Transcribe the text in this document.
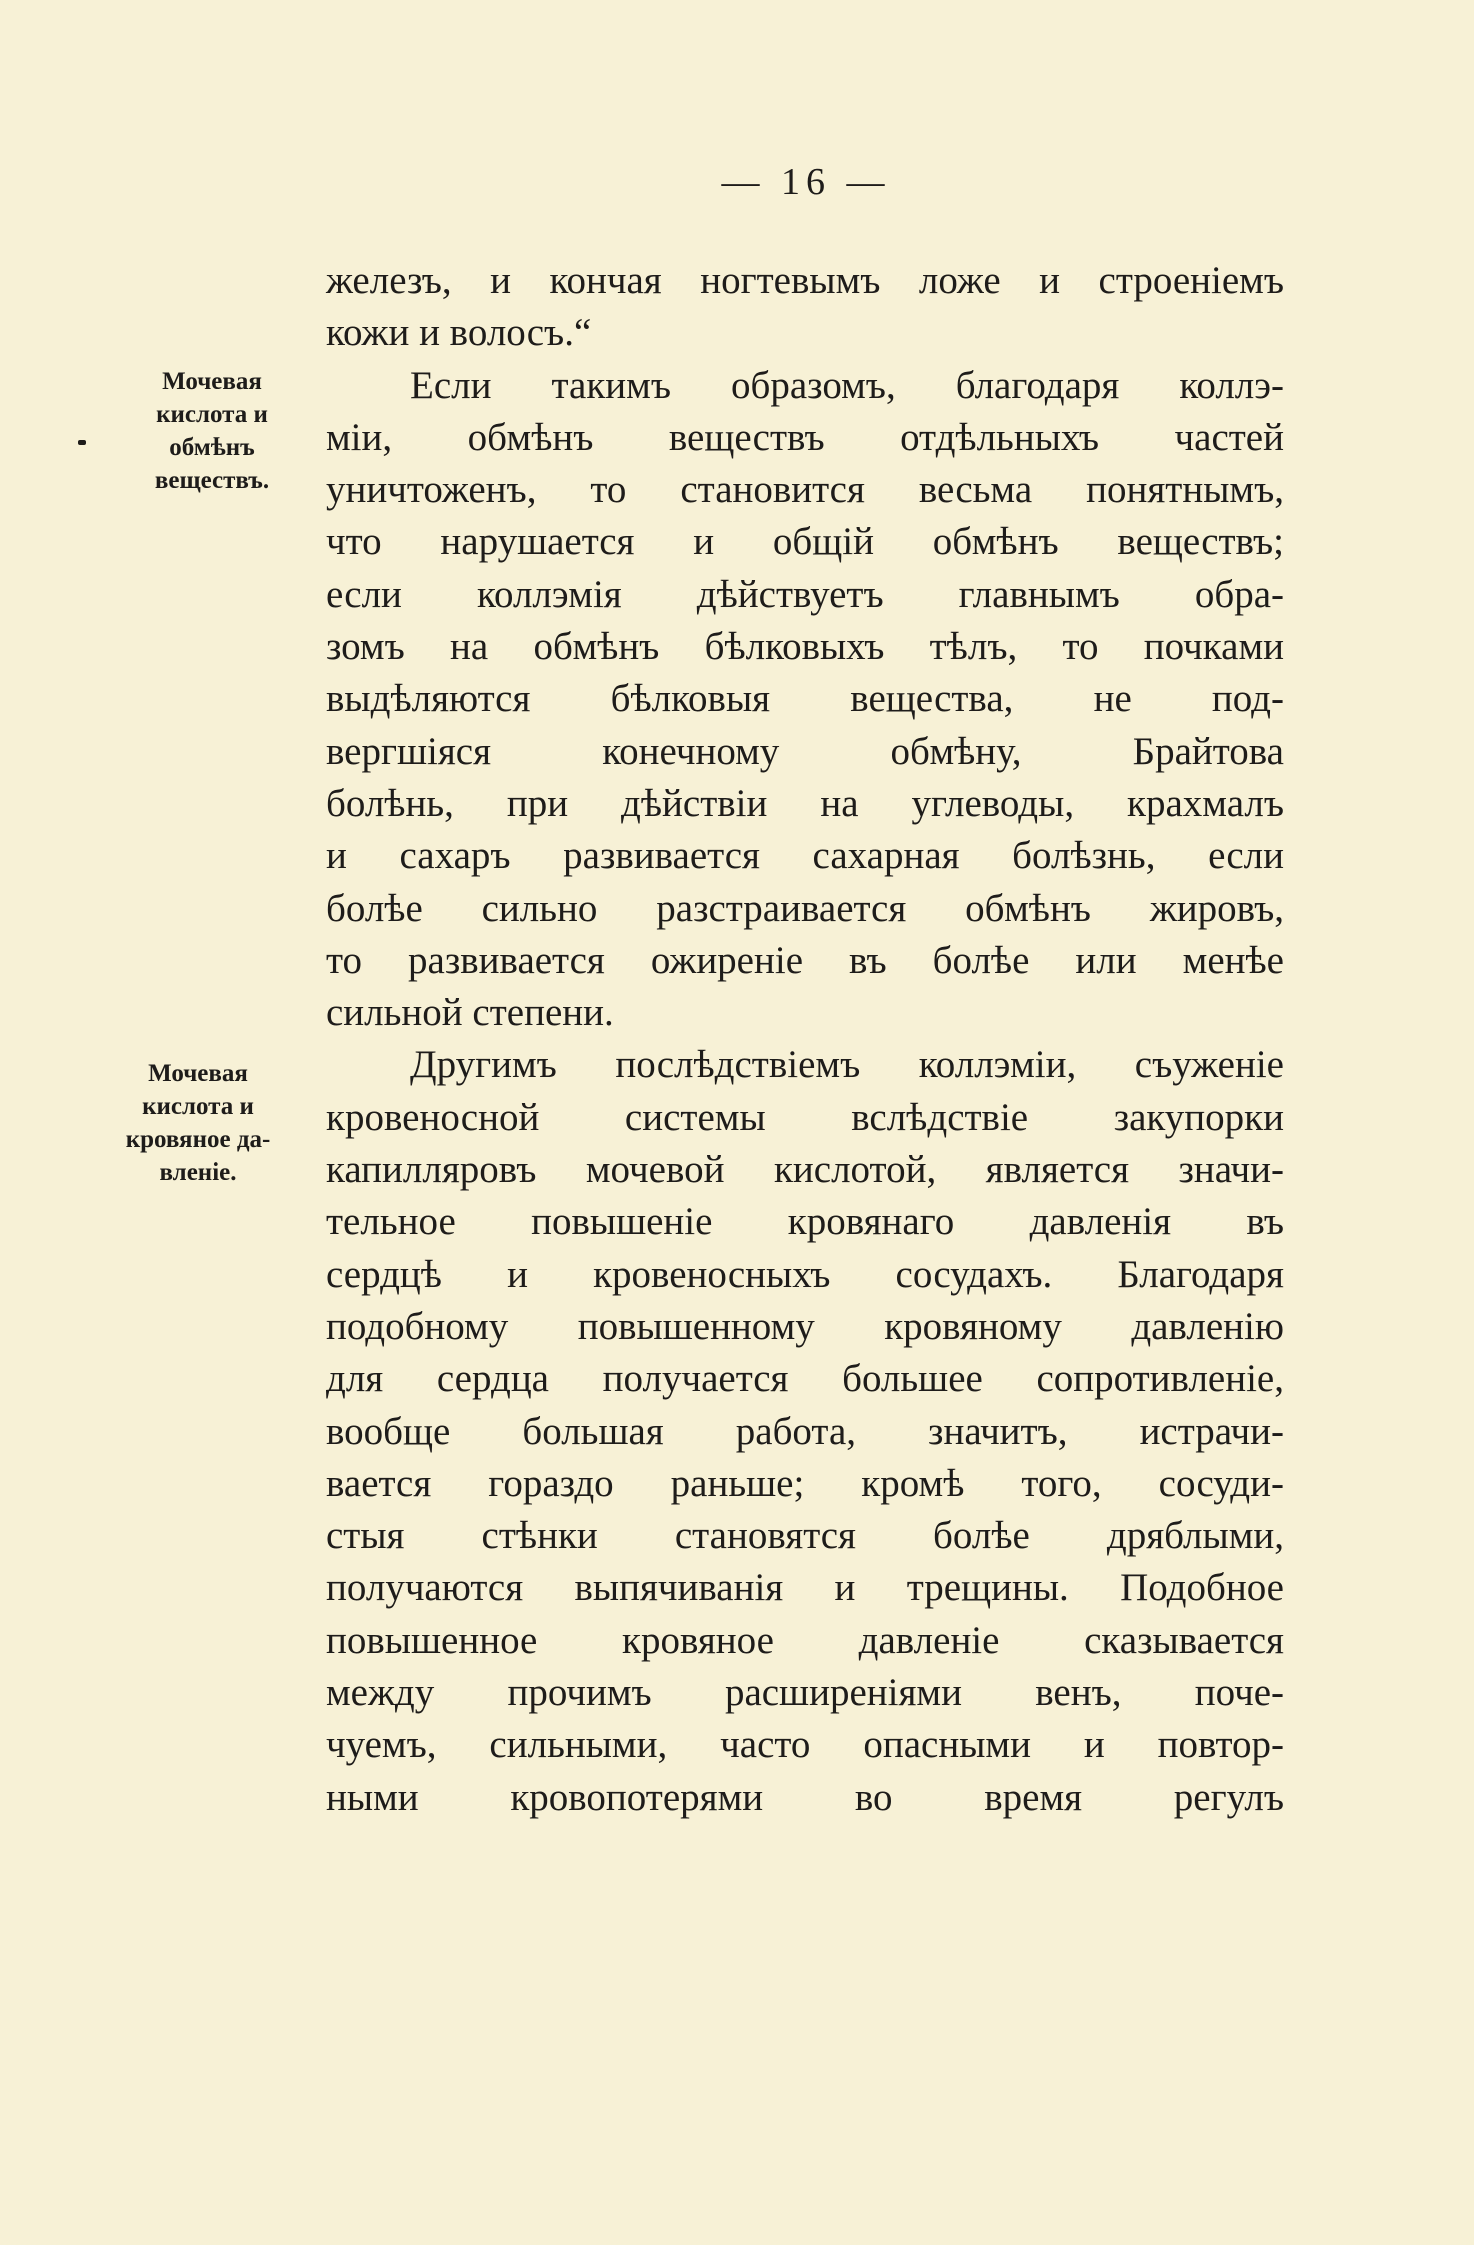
— 16 —
Мочевая
кислота и
обмѣнъ
веществъ.
Мочевая
кислота и
кровяное да-
вленіе.
железъ, и кончая ногтевымъ ложе и строеніемъ
кожи и волосъ.“
Если такимъ образомъ, благодаря коллэ-
міи, обмѣнъ веществъ отдѣльныхъ частей
уничтоженъ, то становится весьма понятнымъ,
что нарушается и общій обмѣнъ веществъ;
если коллэмія дѣйствуетъ главнымъ обра-
зомъ на обмѣнъ бѣлковыхъ тѣлъ, то почками
выдѣляются бѣлковыя вещества, не под-
вергшіяся конечному обмѣну, Брайтова
болѣнь, при дѣйствіи на углеводы, крахмалъ
и сахаръ развивается сахарная болѣзнь, если
болѣе сильно разстраивается обмѣнъ жировъ,
то развивается ожиреніе въ болѣе или менѣе
сильной степени.
Другимъ послѣдствіемъ коллэміи, съуженіе
кровеносной системы вслѣдствіе закупорки
капилляровъ мочевой кислотой, является значи-
тельное повышеніе кровянаго давленія въ
сердцѣ и кровеносныхъ сосудахъ. Благодаря
подобному повышенному кровяному давленію
для сердца получается большее сопротивленіе,
вообще большая работа, значитъ, истрачи-
вается гораздо раньше; кромѣ того, сосуди-
стыя стѣнки становятся болѣе дряблыми,
получаются выпячиванія и трещины. Подобное
повышенное кровяное давленіе сказывается
между прочимъ расширеніями венъ, поче-
чуемъ, сильными, часто опасными и повтор-
ными кровопотерями во время регулъ
